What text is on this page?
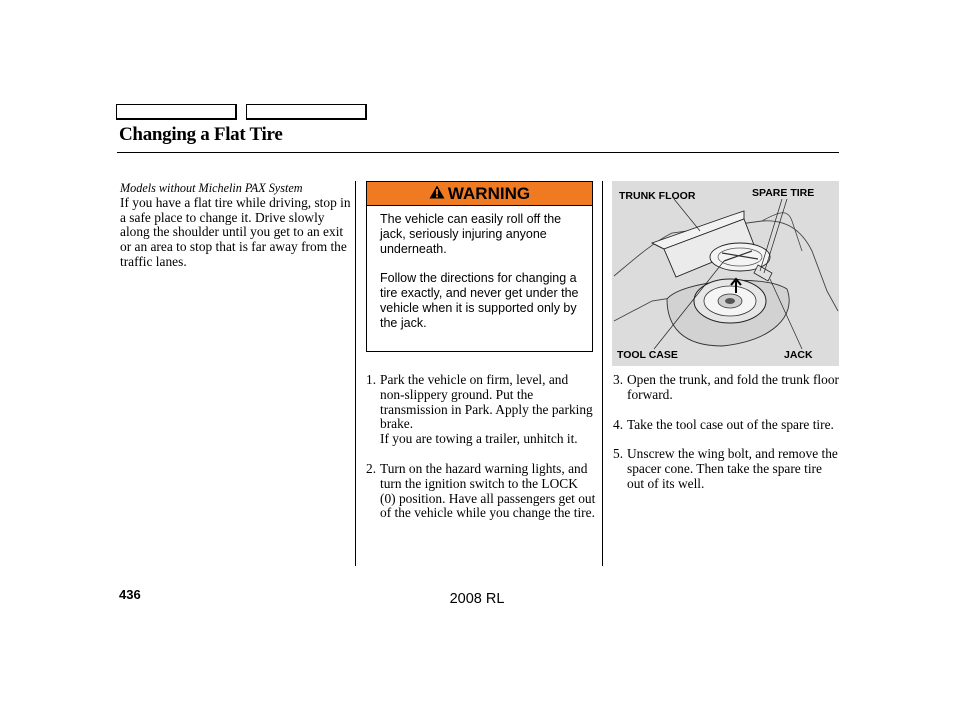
Changing a Flat Tire
Models without Michelin PAX System
If you have a flat tire while driving, stop in a safe place to change it. Drive slowly along the shoulder until you get to an exit or an area to stop that is far away from the traffic lanes.
WARNING

The vehicle can easily roll off the jack, seriously injuring anyone underneath.

Follow the directions for changing a tire exactly, and never get under the vehicle when it is supported only by the jack.

1. Park the vehicle on firm, level, and non-slippery ground. Put the transmission in Park. Apply the parking brake.
If you are towing a trailer, unhitch it.
2. Turn on the hazard warning lights, and turn the ignition switch to the LOCK (0) position. Have all passengers get out of the vehicle while you change the tire.
TRUNK FLOOR	SPARE TIRE
TOOL CASE	JACK
3. Open the trunk, and fold the trunk floor forward.
4. Take the tool case out of the spare tire.
5. Unscrew the wing bolt, and remove the spacer cone. Then take the spare tire out of its well.
436	2008 RL
